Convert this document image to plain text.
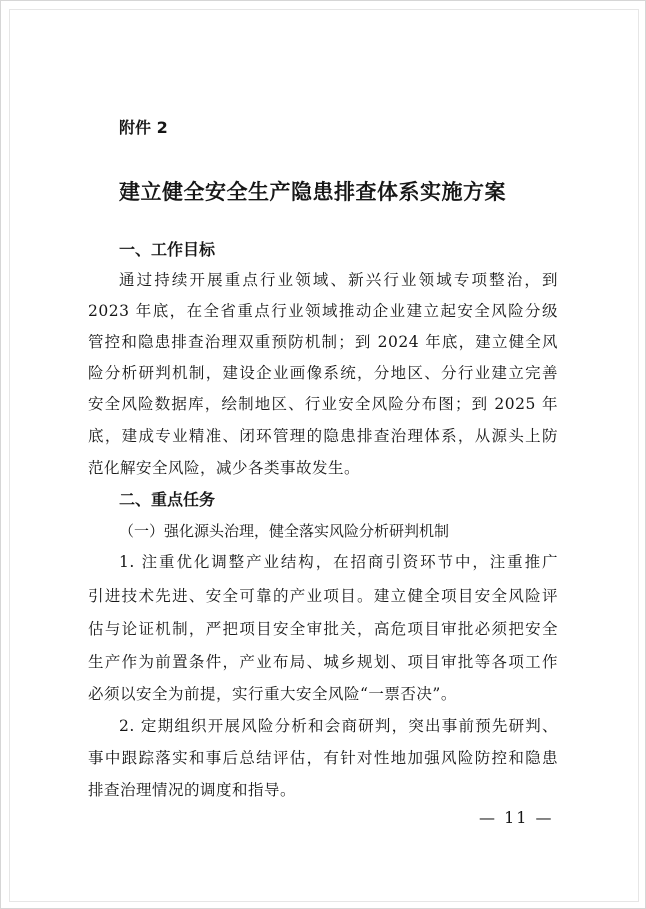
附件 2
建立健全安全生产隐患排查体系实施方案
一、工作目标
通过持续开展重点行业领域、新兴行业领域专项整治，到
2023 年底，在全省重点行业领域推动企业建立起安全风险分级
管控和隐患排查治理双重预防机制；到 2024 年底，建立健全风
险分析研判机制，建设企业画像系统，分地区、分行业建立完善
安全风险数据库，绘制地区、行业安全风险分布图；到 2025 年
底，建成专业精准、闭环管理的隐患排查治理体系，从源头上防
范化解安全风险，减少各类事故发生。
二、重点任务
（一）强化源头治理，健全落实风险分析研判机制
1. 注重优化调整产业结构，在招商引资环节中，注重推广
引进技术先进、安全可靠的产业项目。建立健全项目安全风险评
估与论证机制，严把项目安全审批关，高危项目审批必须把安全
生产作为前置条件，产业布局、城乡规划、项目审批等各项工作
必须以安全为前提，实行重大安全风险“一票否决”。
2. 定期组织开展风险分析和会商研判，突出事前预先研判、
事中跟踪落实和事后总结评估，有针对性地加强风险防控和隐患
排查治理情况的调度和指导。
— 11 —
